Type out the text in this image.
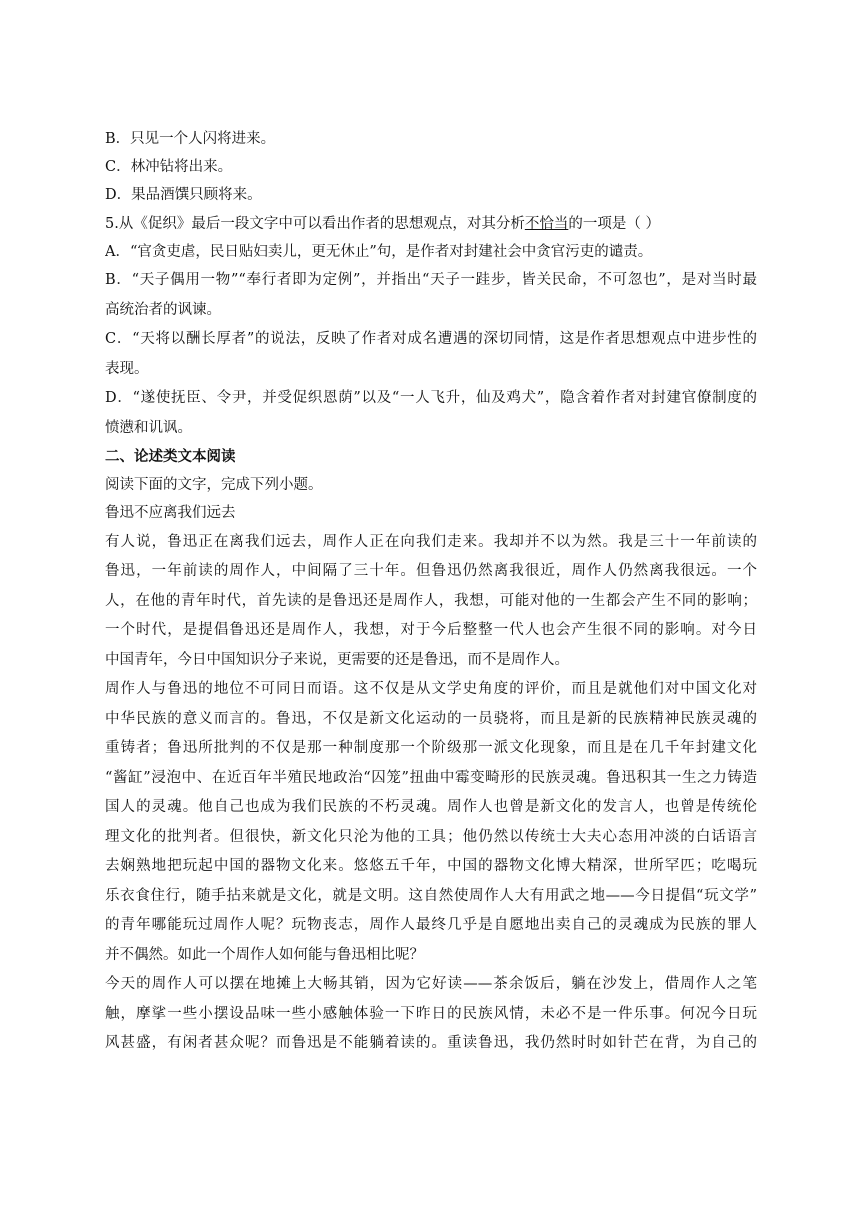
B．只见一个人闪将进来。
C．林冲钻将出来。
D．果品酒馔只顾将来。
5.从《促织》最后一段文字中可以看出作者的思想观点，对其分析不恰当的一项是（ ）
A．“官贪吏虐，民日贴妇卖儿，更无休止”句，是作者对封建社会中贪官污吏的谴责。
B．“天子偶用一物”“奉行者即为定例”，并指出“天子一跬步，皆关民命，不可忽也”，是对当时最
高统治者的讽谏。
C．“天将以酬长厚者”的说法，反映了作者对成名遭遇的深切同情，这是作者思想观点中进步性的
表现。
D．“遂使抚臣、令尹，并受促织恩荫”以及“一人飞升，仙及鸡犬”，隐含着作者对封建官僚制度的
愤懑和讥讽。
二、论述类文本阅读
阅读下面的文字，完成下列小题。
鲁迅不应离我们远去
有人说，鲁迅正在离我们远去，周作人正在向我们走来。我却并不以为然。我是三十一年前读的
鲁迅，一年前读的周作人，中间隔了三十年。但鲁迅仍然离我很近，周作人仍然离我很远。一个
人，在他的青年时代，首先读的是鲁迅还是周作人，我想，可能对他的一生都会产生不同的影响；
一个时代，是提倡鲁迅还是周作人，我想，对于今后整整一代人也会产生很不同的影响。对今日
中国青年，今日中国知识分子来说，更需要的还是鲁迅，而不是周作人。
周作人与鲁迅的地位不可同日而语。这不仅是从文学史角度的评价，而且是就他们对中国文化对
中华民族的意义而言的。鲁迅，不仅是新文化运动的一员骁将，而且是新的民族精神民族灵魂的
重铸者；鲁迅所批判的不仅是那一种制度那一个阶级那一派文化现象，而且是在几千年封建文化
“酱缸”浸泡中、在近百年半殖民地政治“囚笼”扭曲中霉变畸形的民族灵魂。鲁迅积其一生之力铸造
国人的灵魂。他自己也成为我们民族的不朽灵魂。周作人也曾是新文化的发言人，也曾是传统伦
理文化的批判者。但很快，新文化只沦为他的工具；他仍然以传统士大夫心态用冲淡的白话语言
去娴熟地把玩起中国的器物文化来。悠悠五千年，中国的器物文化博大精深，世所罕匹；吃喝玩
乐衣食住行，随手拈来就是文化，就是文明。这自然使周作人大有用武之地——今日提倡“玩文学”
的青年哪能玩过周作人呢？玩物丧志，周作人最终几乎是自愿地出卖自己的灵魂成为民族的罪人
并不偶然。如此一个周作人如何能与鲁迅相比呢？
今天的周作人可以摆在地摊上大畅其销，因为它好读——茶余饭后，躺在沙发上，借周作人之笔
触，摩挲一些小摆设品味一些小感触体验一下昨日的民族风情，未必不是一件乐事。何况今日玩
风甚盛，有闲者甚众呢？而鲁迅是不能躺着读的。重读鲁迅，我仍然时时如针芒在背，为自己的
